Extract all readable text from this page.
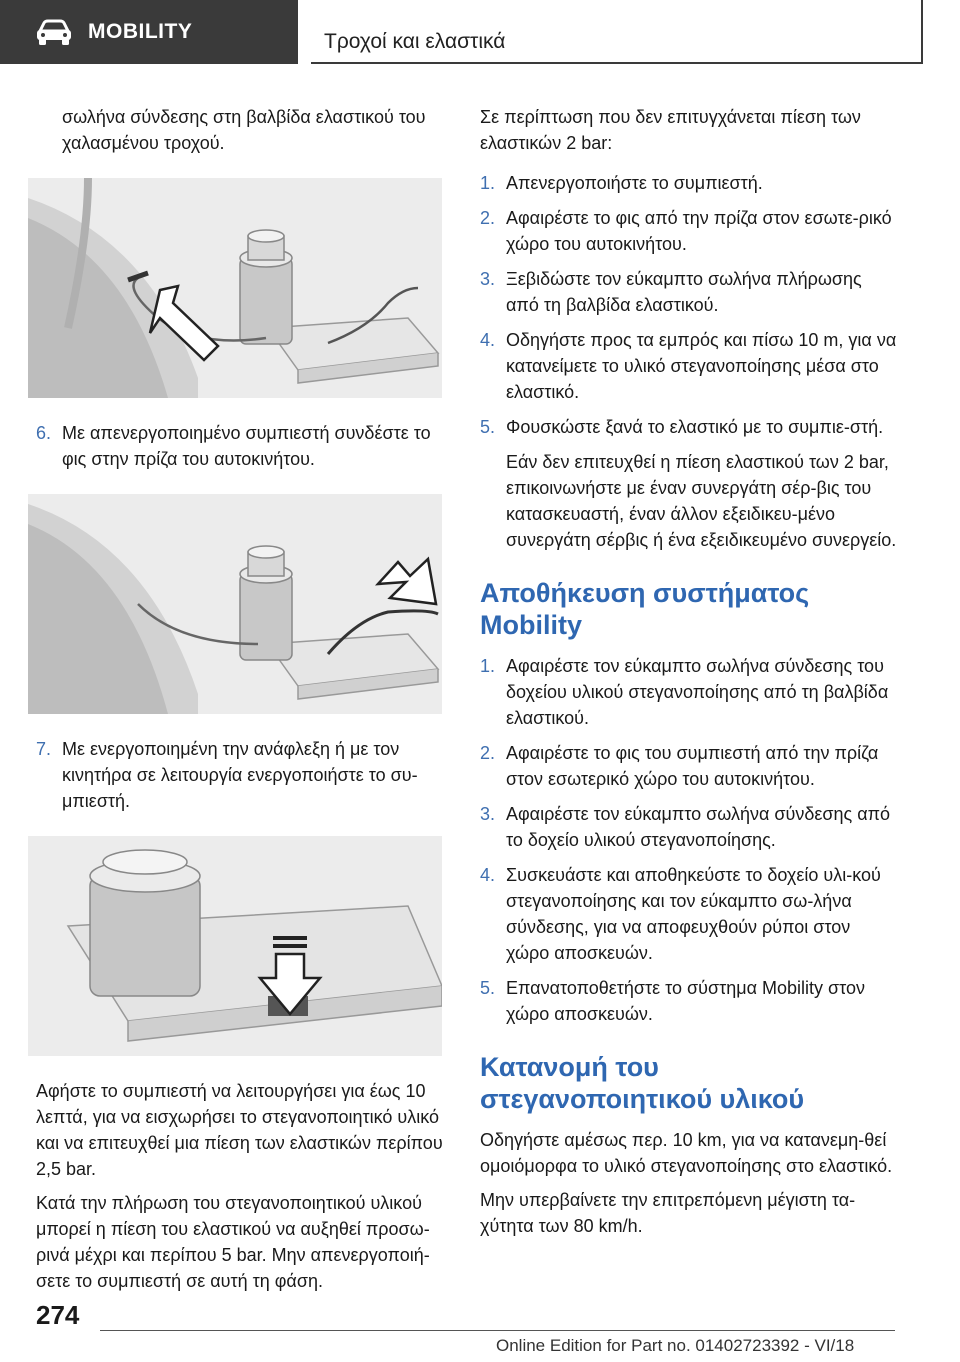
MOBILITY	Τροχοί και ελαστικά

σωλήνα σύνδεσης στη βαλβίδα ελαστικού του χαλασμένου τροχού.

6. Με απενεργοποιημένο συμπιεστή συνδέστε το φις στην πρίζα του αυτοκινήτου.
7. Με ενεργοποιημένη την ανάφλεξη ή με τον κινητήρα σε λειτουργία ενεργοποιήστε το συ-μπιεστή.

Αφήστε το συμπιεστή να λειτουργήσει για έως 10 λεπτά, για να εισχωρήσει το στεγανοποιητικό υλικό και να επιτευχθεί μια πίεση των ελαστικών περίπου 2,5 bar.

Κατά την πλήρωση του στεγανοποιητικού υλικού μπορεί η πίεση του ελαστικού να αυξηθεί προσω-ρινά μέχρι και περίπου 5 bar. Μην απενεργοποιή-σετε το συμπιεστή σε αυτή τη φάση.

Σε περίπτωση που δεν επιτυγχάνεται πίεση των ελαστικών 2 bar:

1. Απενεργοποιήστε το συμπιεστή.
2. Αφαιρέστε το φις από την πρίζα στον εσωτε-ρικό χώρο του αυτοκινήτου.
3. Ξεβιδώστε τον εύκαμπτο σωλήνα πλήρωσης από τη βαλβίδα ελαστικού.
4. Οδηγήστε προς τα εμπρός και πίσω 10 m, για να κατανείμετε το υλικό στεγανοποίησης μέσα στο ελαστικό.
5. Φουσκώστε ξανά το ελαστικό με το συμπιε-στή.

Εάν δεν επιτευχθεί η πίεση ελαστικού των 2 bar, επικοινωνήστε με έναν συνεργάτη σέρ-βις του κατασκευαστή, έναν άλλον εξειδικευ-μένο συνεργάτη σέρβις ή ένα εξειδικευμένο συνεργείο.

Αποθήκευση συστήματος Mobility
1. Αφαιρέστε τον εύκαμπτο σωλήνα σύνδεσης του δοχείου υλικού στεγανοποίησης από τη βαλβίδα ελαστικού.
2. Αφαιρέστε το φις του συμπιεστή από την πρίζα στον εσωτερικό χώρο του αυτοκινήτου.
3. Αφαιρέστε τον εύκαμπτο σωλήνα σύνδεσης από το δοχείο υλικού στεγανοποίησης.
4. Συσκευάστε και αποθηκεύστε το δοχείο υλι-κού στεγανοποίησης και τον εύκαμπτο σω-λήνα σύνδεσης, για να αποφευχθούν ρύποι στον χώρο αποσκευών.
5. Επανατοποθετήστε το σύστημα Mobility στον χώρο αποσκευών.
Κατανομή του στεγανοποιητικού υλικού

Οδηγήστε αμέσως περ. 10 km, για να κατανεμη-θεί ομοιόμορφα το υλικό στεγανοποίησης στο ελαστικό.

Μην υπερβαίνετε την επιτρεπόμενη μέγιστη τα-χύτητα των 80 km/h.

274
Online Edition for Part no. 01402723392 - VI/18
